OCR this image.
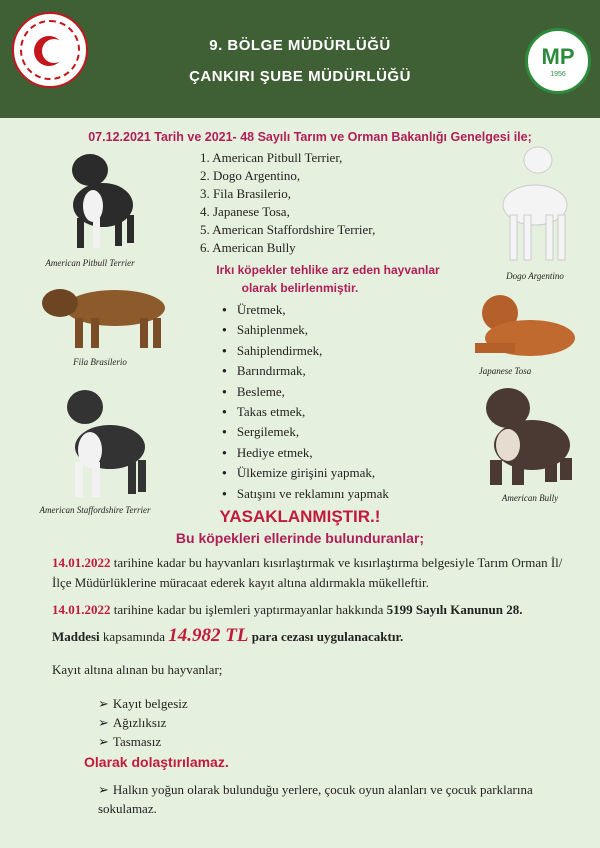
9. BÖLGE MÜDÜRLÜĞÜ
ÇANKIRI ŞUBE MÜDÜRLÜĞÜ
MP
1956
07.12.2021 Tarih ve 2021- 48 Sayılı Tarım ve Orman Bakanlığı Genelgesi ile;
1. American Pitbull Terrier,
2. Dogo Argentino,
3. Fila Brasilerio,
4. Japanese Tosa,
5. American Staffordshire Terrier,
6. American Bully
Irkı köpekler tehlike arz eden hayvanlar
olarak belirlenmiştir.
● Üretmek,
● Sahiplenmek,
● Sahiplendirmek,
● Barındırmak,
● Besleme,
● Takas etmek,
● Sergilemek,
● Hediye etmek,
● Ülkemize girişini yapmak,
● Satışını ve reklamını yapmak
American Pitbull Terrier
Dogo Argentino
Fila Brasilerio
Japanese Tosa
American Staffordshire Terrier
American Bully
YASAKLANMIŞTIR.!
Bu köpekleri ellerinde bulunduranlar;
14.01.2022 tarihine kadar bu hayvanları kısırlaştırmak ve kısırlaştırma belgesiyle Tarım Orman İl/İlçe Müdürlüklerine müracaat ederek kayıt altına aldırmakla mükelleftir.
14.01.2022 tarihine kadar bu işlemleri yaptırmayanlar hakkında 5199 Sayılı Kanunun 28. Maddesi kapsamında 14.982 TL para cezası uygulanacaktır.
Kayıt altına alınan bu hayvanlar;
➢ Kayıt belgesiz
➢ Ağızlıksız
➢ Tasmasız
Olarak dolaştırılamaz.
➢ Halkın yoğun olarak bulunduğu yerlere, çocuk oyun alanları ve çocuk parklarına sokulamaz.
